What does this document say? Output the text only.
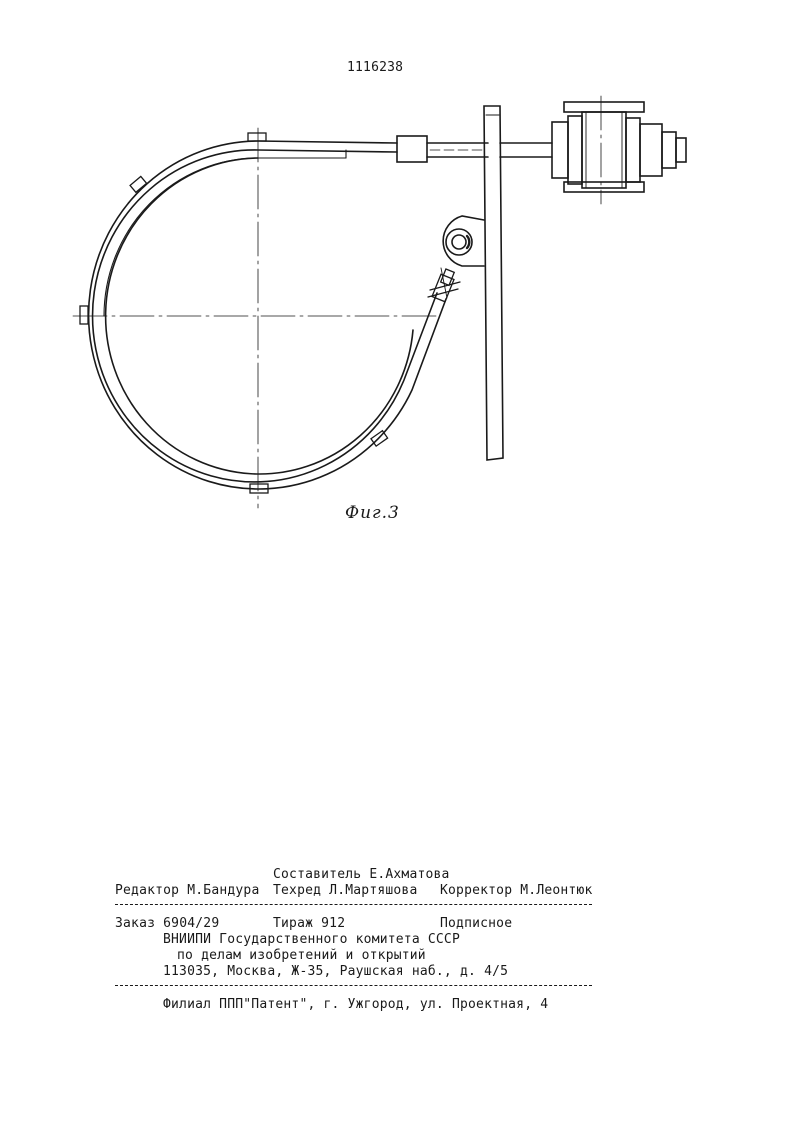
1116238
Фиг.3
Составитель Е.Ахматова
Редактор М.Бандура Техред Л.Мартяшова Корректор М.Леонтюк
Заказ 6904/29	Тираж 912	Подписное
ВНИИПИ Государственного комитета СССР
по делам изобретений и открытий
113035, Москва, Ж-35, Раушская наб., д. 4/5
Филиал ППП"Патент", г. Ужгород, ул. Проектная, 4
